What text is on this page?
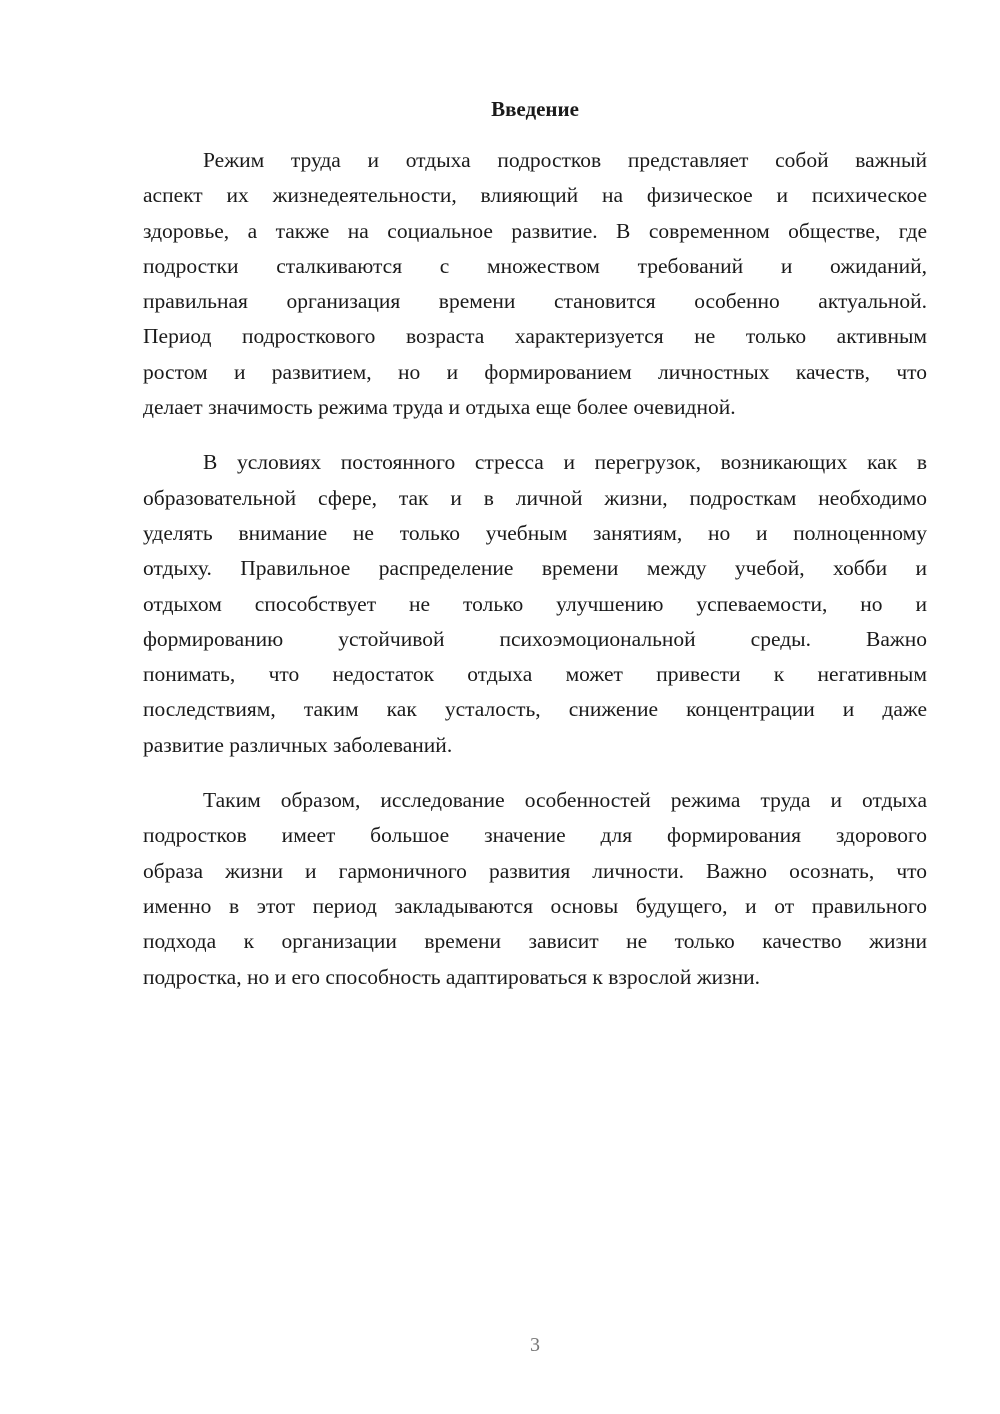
Введение
Режим труда и отдыха подростков представляет собой важный
аспект их жизнедеятельности, влияющий на физическое и психическое
здоровье, а также на социальное развитие. В современном обществе, где
подростки сталкиваются с множеством требований и ожиданий,
правильная организация времени становится особенно актуальной.
Период подросткового возраста характеризуется не только активным
ростом и развитием, но и формированием личностных качеств, что
делает значимость режима труда и отдыха еще более очевидной.
В условиях постоянного стресса и перегрузок, возникающих как в
образовательной сфере, так и в личной жизни, подросткам необходимо
уделять внимание не только учебным занятиям, но и полноценному
отдыху. Правильное распределение времени между учебой, хобби и
отдыхом способствует не только улучшению успеваемости, но и
формированию устойчивой психоэмоциональной среды. Важно
понимать, что недостаток отдыха может привести к негативным
последствиям, таким как усталость, снижение концентрации и даже
развитие различных заболеваний.
Таким образом, исследование особенностей режима труда и отдыха
подростков имеет большое значение для формирования здорового
образа жизни и гармоничного развития личности. Важно осознать, что
именно в этот период закладываются основы будущего, и от правильного
подхода к организации времени зависит не только качество жизни
подростка, но и его способность адаптироваться к взрослой жизни.
3
